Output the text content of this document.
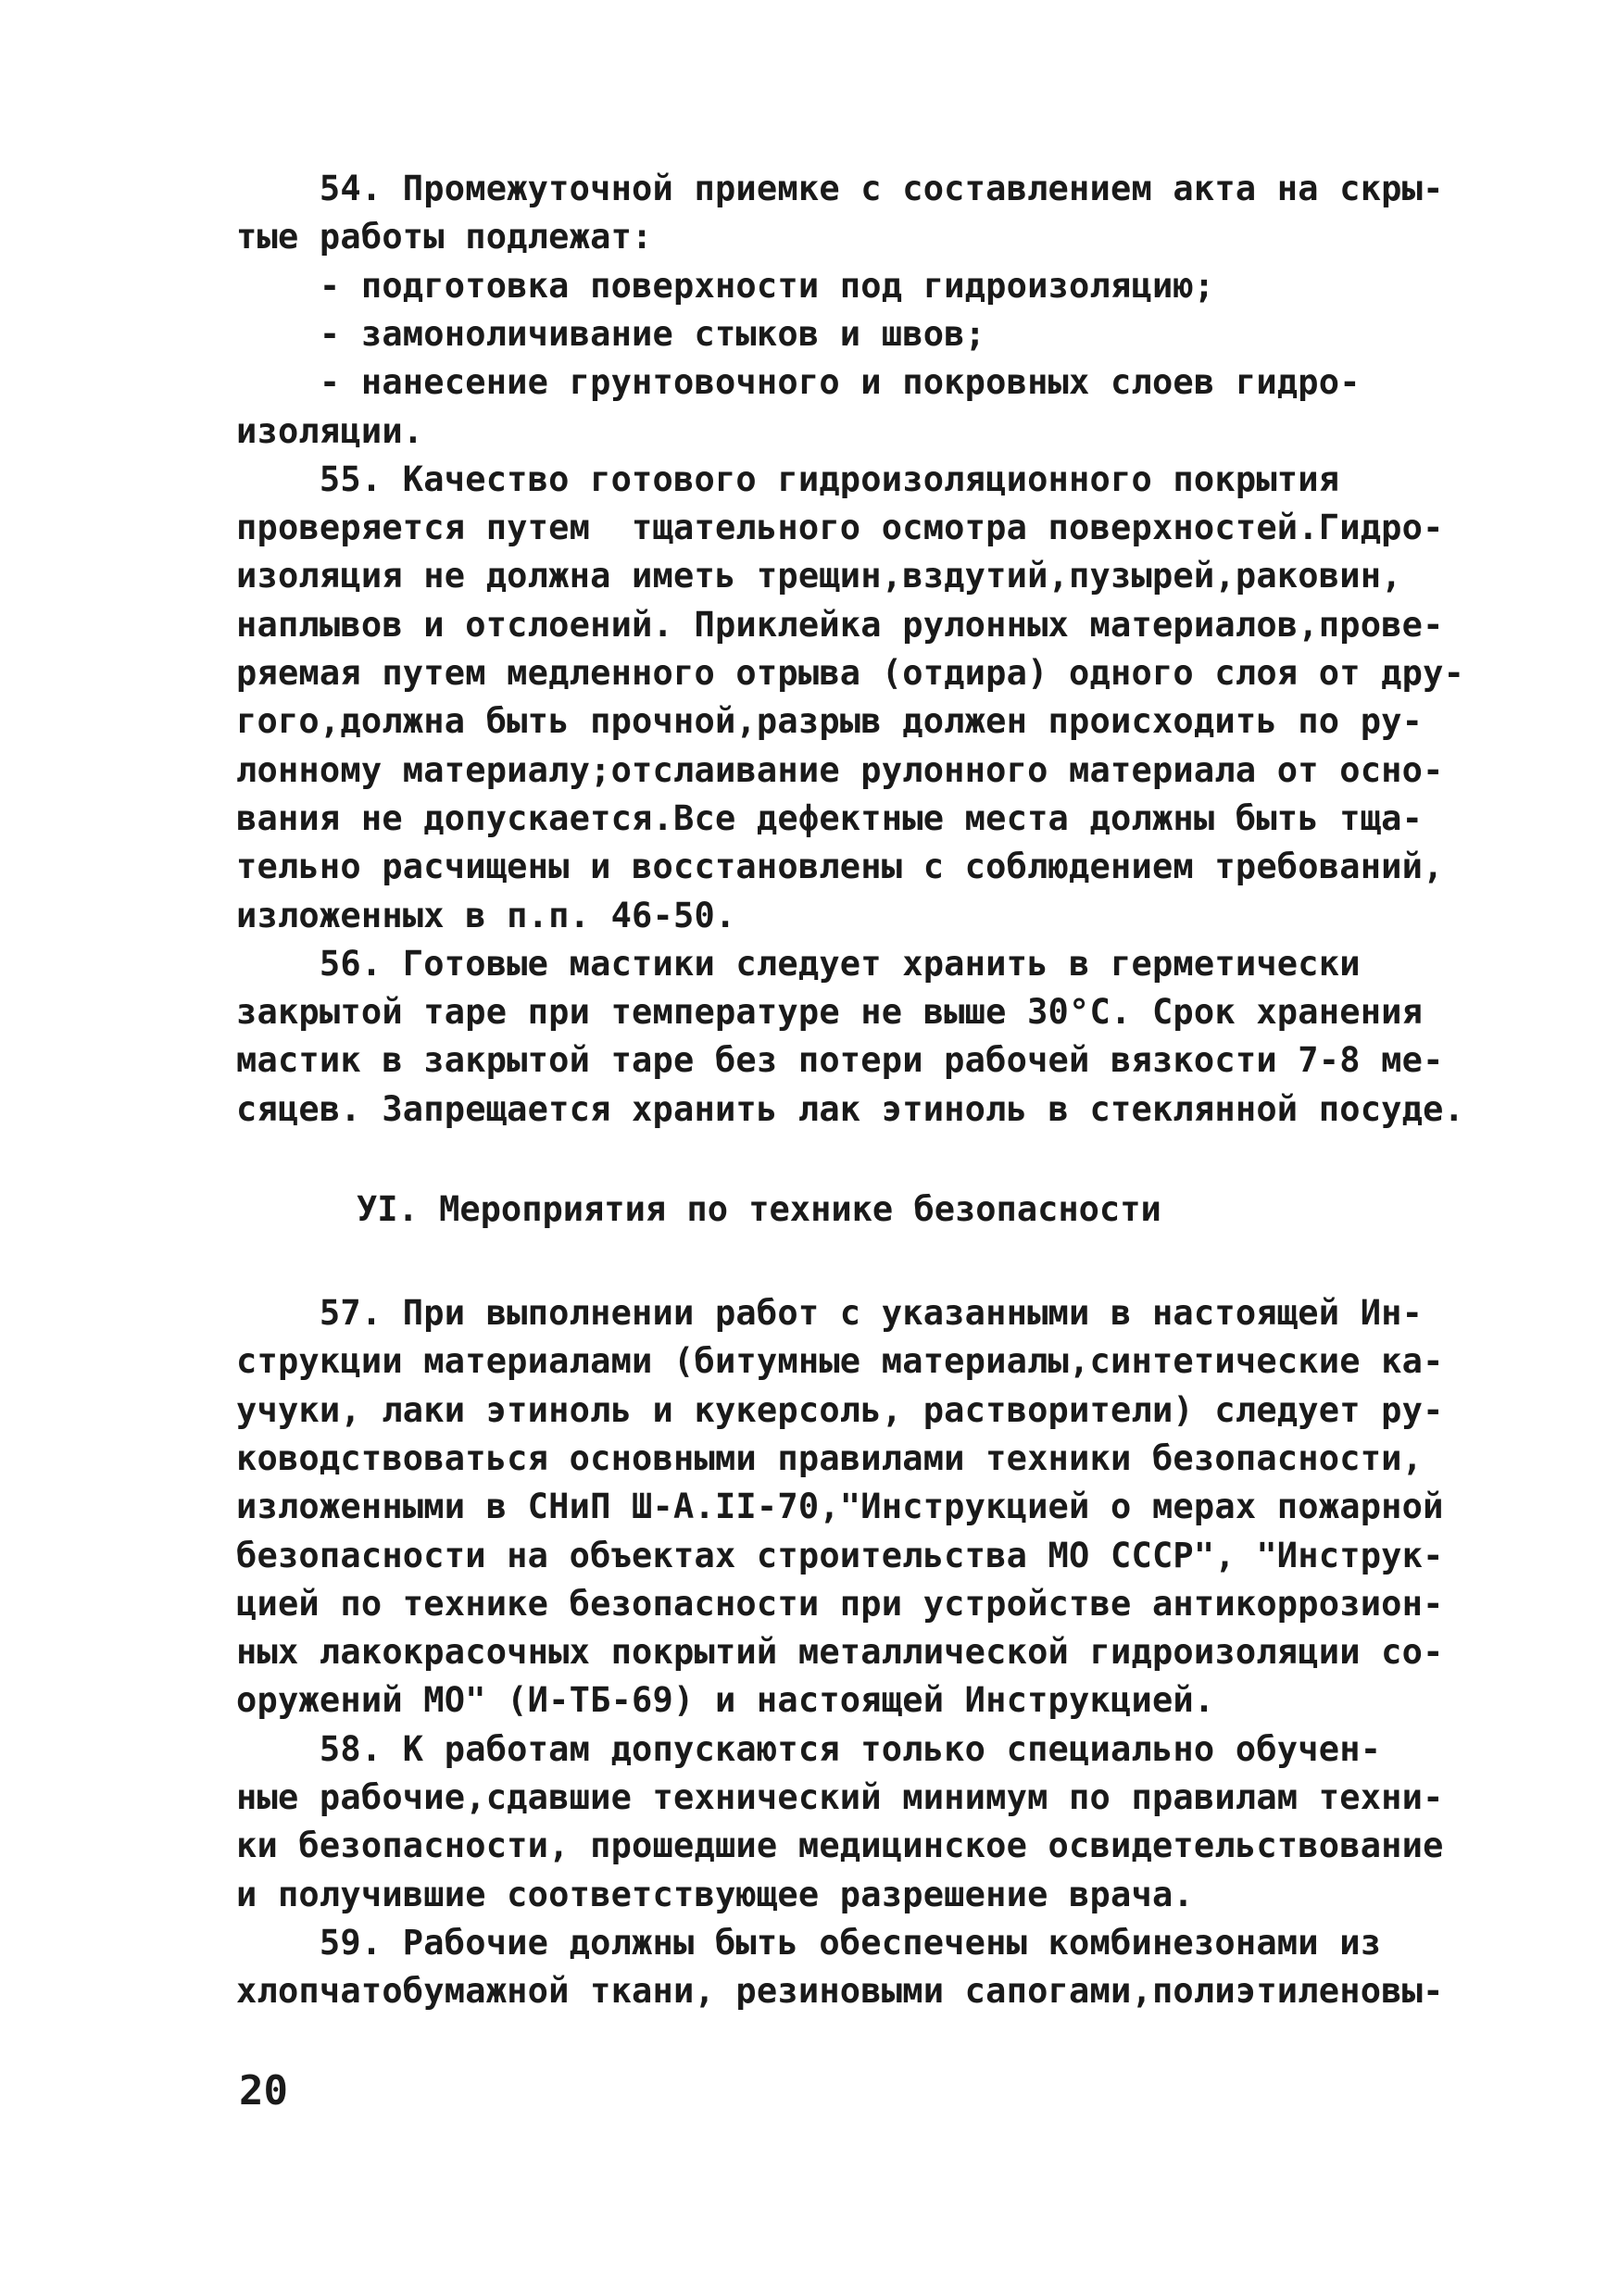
54. Промежуточной приемке с составлением акта на скры-
тые работы подлежат:
- подготовка поверхности под гидроизоляцию;
- замоноличивание стыков и швов;
- нанесение грунтовочного и покровных слоев гидро-
изоляции.
55. Качество готового гидроизоляционного покрытия
проверяется путем  тщательного осмотра поверхностей.Гидро-
изоляция не должна иметь трещин,вздутий,пузырей,раковин,
наплывов и отслоений. Приклейка рулонных материалов,прове-
ряемая путем медленного отрыва (отдира) одного слоя от дру-
гого,должна быть прочной,разрыв должен происходить по ру-
лонному материалу;отслаивание рулонного материала от осно-
вания не допускается.Все дефектные места должны быть тща-
тельно расчищены и восстановлены с соблюдением требований,
изложенных в п.п. 46-50.
56. Готовые мастики следует хранить в герметически
закрытой таре при температуре не выше 30°С. Срок хранения
мастик в закрытой таре без потери рабочей вязкости 7-8 ме-
сяцев. Запрещается хранить лак этиноль в стеклянной посуде.
57. При выполнении работ с указанными в настоящей Ин-
струкции материалами (битумные материалы,синтетические ка-
учуки, лаки этиноль и кукерсоль, растворители) следует ру-
ководствоваться основными правилами техники безопасности,
изложенными в СНиП Ш-А.II-70,"Инструкцией о мерах пожарной
безопасности на объектах строительства МО СССР", "Инструк-
цией по технике безопасности при устройстве антикоррозион-
ных лакокрасочных покрытий металлической гидроизоляции со-
оружений МО" (И-ТБ-69) и настоящей Инструкцией.
58. К работам допускаются только специально обучен-
ные рабочие,сдавшие технический минимум по правилам техни-
ки безопасности, прошедшие медицинское освидетельствование
и получившие соответствующее разрешение врача.
59. Рабочие должны быть обеспечены комбинезонами из
хлопчатобумажной ткани, резиновыми сапогами,полиэтиленовы-
УI. Мероприятия по технике безопасности
20
